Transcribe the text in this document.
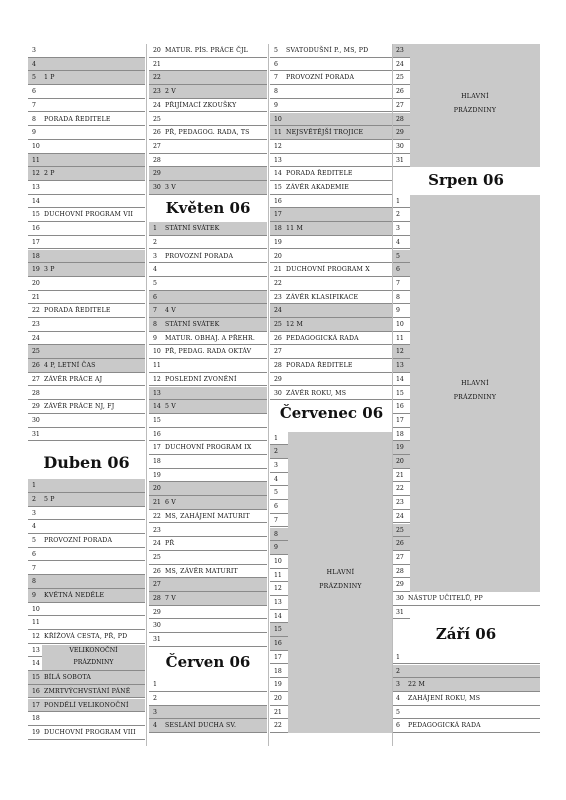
3
4
5 1 P
6
7
8 PORADA ŘEDITELE
9
10
11
12 2 P
13
14
15 DUCHOVNÍ PROGRAM VII
16
17
18
19 3 P
20
21
22 PORADA ŘEDITELE
23
24
25
26 4 P, LETNÍ ČAS
27 ZÁVĚR PRÁCE AJ
28
29 ZÁVĚR PRÁCE NJ, FJ
30
31
Duben 06
1
2 5 P
3
4
5 PROVOZNÍ PORADA
6
7
8
9 KVĚTNÁ NEDĚLE
10
11
12 KŘÍŽOVÁ CESTA, PŘ, PD
13
14
15 BÍLÁ SOBOTA
16 ZMRTVÝCHVSTÁNÍ PÁNĚ
17 PONDĚLÍ VELIKONOČNÍ
18
19 DUCHOVNÍ PROGRAM VIII
VELIKONOČNÍ
PRÁZDNINY
20 MATUR. PÍS. PRÁCE ČJL
21
22
23 2 V
24 PŘIJÍMACÍ ZKOUŠKY
25
26 PŘ, PEDAGOG. RADA, TS
27
28
29
30 3 V
Květen 06
1 STÁTNÍ SVÁTEK
2
3 PROVOZNÍ PORADA
4
5
6
7 4 V
8 STÁTNÍ SVÁTEK
9 MATUR. OBHAJ. A PŘEHR.
10 PŘ, PEDAG. RADA OKTÁV
11
12 POSLEDNÍ ZVONĚNÍ
13
14 5 V
15
16
17 DUCHOVNÍ PROGRAM IX
18
19
20
21 6 V
22 MS, ZAHÁJENÍ MATURIT
23
24 PŘ
25
26 MS, ZÁVĚR MATURIT
27
28 7 V
29
30
31
Červen 06
1
2
3
4 SESLÁNÍ DUCHA SV.
5 SVATODUŠNÍ P., MS, PD
6
7 PROVOZNÍ PORADA
8
9
10
11 NEJSVĚTĚJŠÍ TROJICE
12
13
14 PORADA ŘEDITELE
15 ZÁVĚR AKADEMIE
16
17
18 11 M
19
20
21 DUCHOVNÍ PROGRAM X
22
23 ZÁVĚR KLASIFIKACE
24
25 12 M
26 PEDAGOGICKÁ RADA
27
28 PORADA ŘEDITELE
29
30 ZÁVĚR ROKU, MS
Červenec 06
HLAVNÍ
PRÁZDNINY
1
2
3
4
5
6
7
8
9
10
11
12
13
14
15
16
17
18
19
20
21
22
HLAVNÍ
PRÁZDNINY
23
24
25
26
27
28
29
30
31
Srpen 06
HLAVNÍ
PRÁZDNINY
1
2
3
4
5
6
7
8
9
10
11
12
13
14
15
16
17
18
19
20
21
22
23
24
25
26
27
28
29
30 NÁSTUP UČITELŮ, PP
31
Září 06
1
2
3 22 M
4 ZAHÁJENÍ ROKU, MS
5
6 PEDAGOGICKÁ RADA
